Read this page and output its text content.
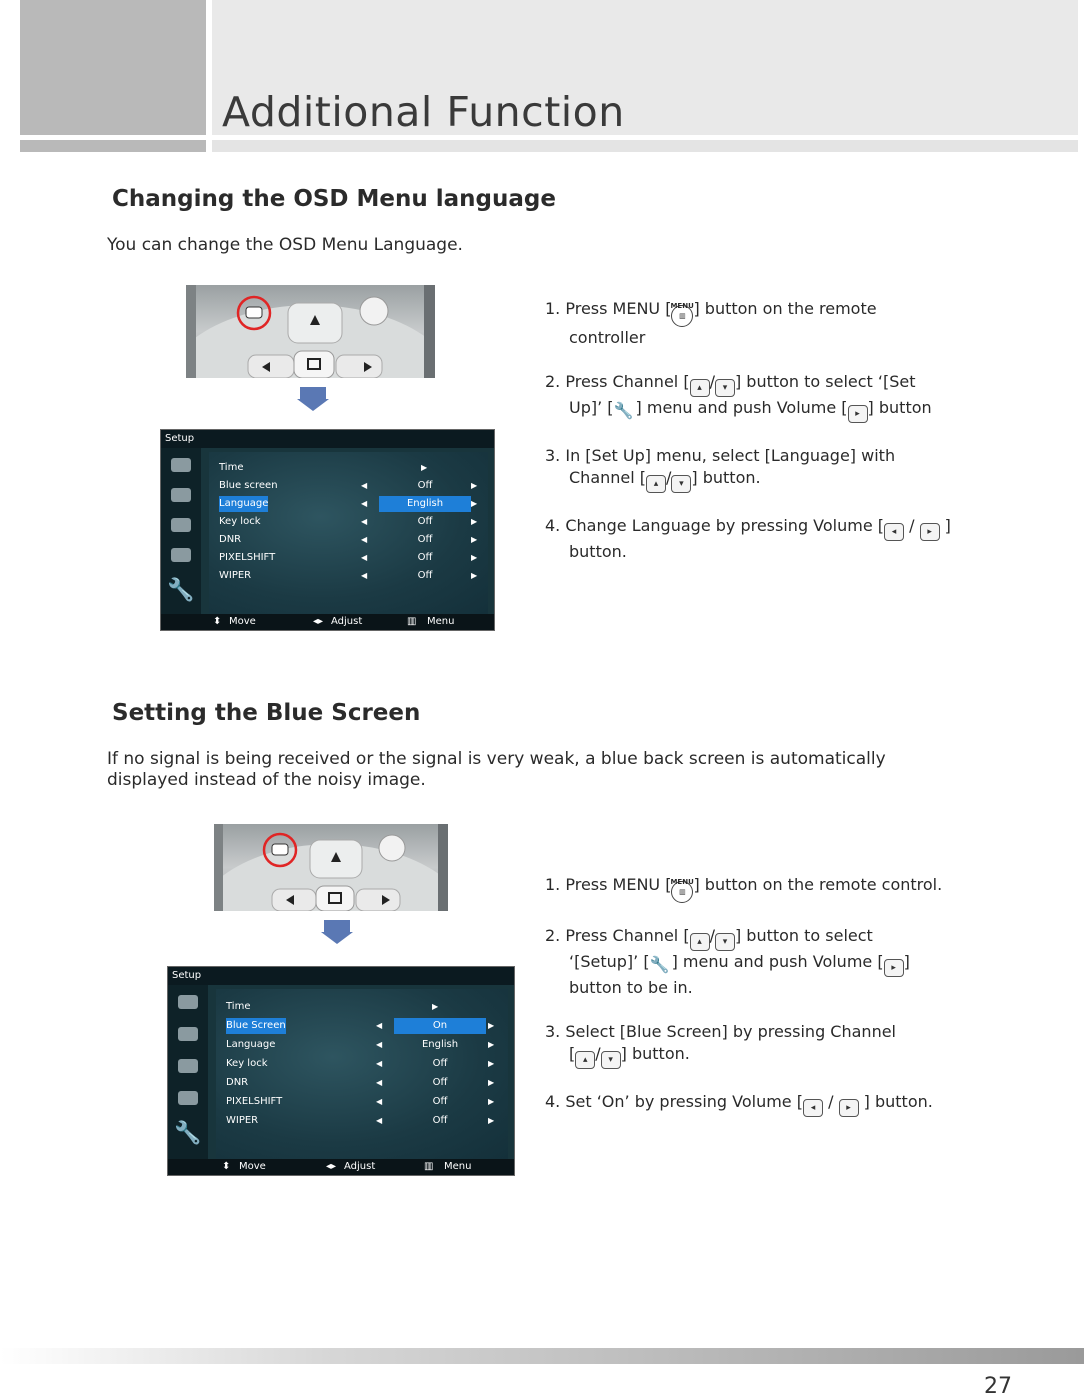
Additional Function
Changing the OSD Menu language
You can change the OSD Menu Language.
Setup
🔧
Time	▶
Blue screen	◀	Off	▶
Language	◀	English	▶
Key lock	◀	Off	▶
DNR	◀	Off	▶
PIXELSHIFT	◀	Off	▶
WIPER	◀	Off	▶
⬍ Move	◂▸ Adjust	▥ Menu

1. Press MENU [ MENU ▥ ] button on the remote
controller

2. Press Channel [ ▴ / ▾ ] button to select ‘[Set
Up]’ [🔧 ] menu and push Volume [ ▸ ] button

3. In [Set Up] menu, select [Language] with
Channel [ ▴ / ▾ ] button.

4. Change Language by pressing Volume [ ◂ / ▸ ]
button.

Setting the Blue Screen
If no signal is being received or the signal is very weak, a blue back screen is automatically
displayed instead of the noisy image.
Setup
🔧
Time	▶
Blue Screen	◀	On	▶
Language	◀	English	▶
Key lock	◀	Off	▶
DNR	◀	Off	▶
PIXELSHIFT	◀	Off	▶
WIPER	◀	Off	▶
⬍ Move	◂▸ Adjust	▥ Menu

1. Press MENU [ MENU ▥ ] button on the remote control.

2. Press Channel [ ▴ / ▾ ] button to select
‘[Setup]’ [🔧 ] menu and push Volume [ ▸ ]
button to be in.

3. Select [Blue Screen] by pressing Channel
[ ▴ / ▾ ] button.

4. Set ‘On’ by pressing Volume [ ◂ / ▸ ] button.

27
